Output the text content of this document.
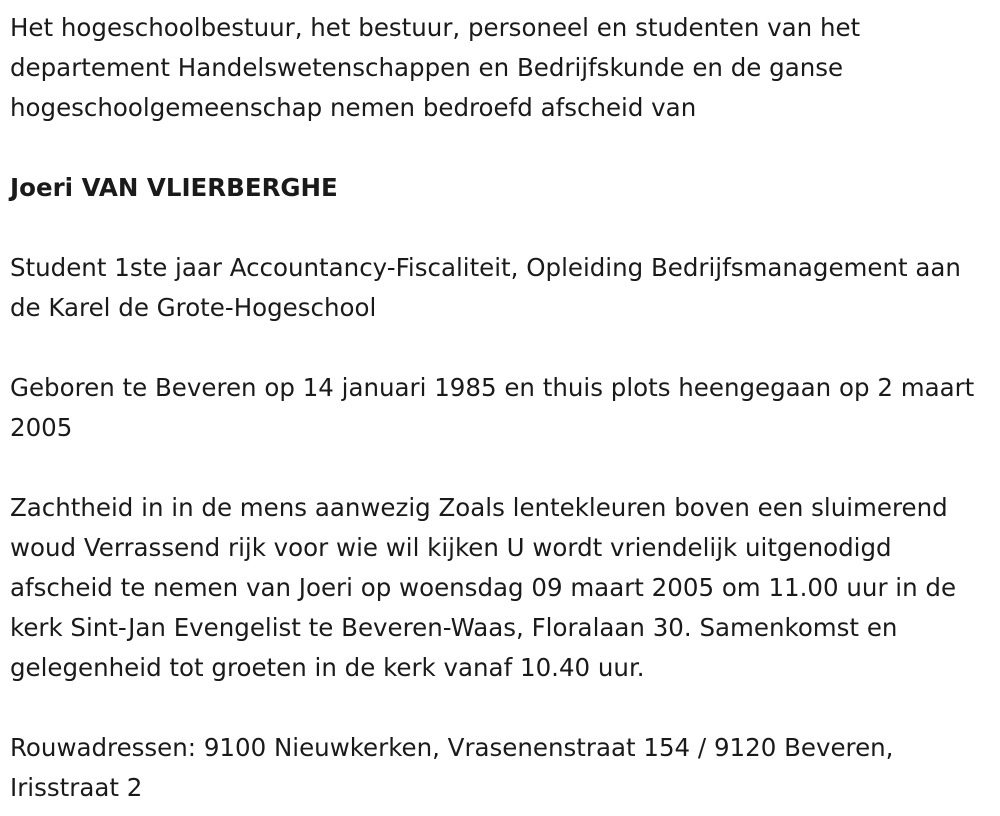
Het hogeschoolbestuur, het bestuur, personeel en studenten van het departement Handelswetenschappen en Bedrijfskunde en de ganse hogeschoolgemeenschap nemen bedroefd afscheid van

Joeri VAN VLIERBERGHE

Student 1ste jaar Accountancy-Fiscaliteit, Opleiding Bedrijfsmanagement aan de Karel de Grote-Hogeschool

Geboren te Beveren op 14 januari 1985 en thuis plots heengegaan op 2 maart 2005

Zachtheid in in de mens aanwezig Zoals lentekleuren boven een sluimerend woud Verrassend rijk voor wie wil kijken U wordt vriendelijk uitgenodigd afscheid te nemen van Joeri op woensdag 09 maart 2005 om 11.00 uur in de kerk Sint-Jan Evengelist te Beveren-Waas, Floralaan 30. Samenkomst en gelegenheid tot groeten in de kerk vanaf 10.40 uur.

Rouwadressen: 9100 Nieuwkerken, Vrasenenstraat 154 / 9120 Beveren, Irisstraat 2
